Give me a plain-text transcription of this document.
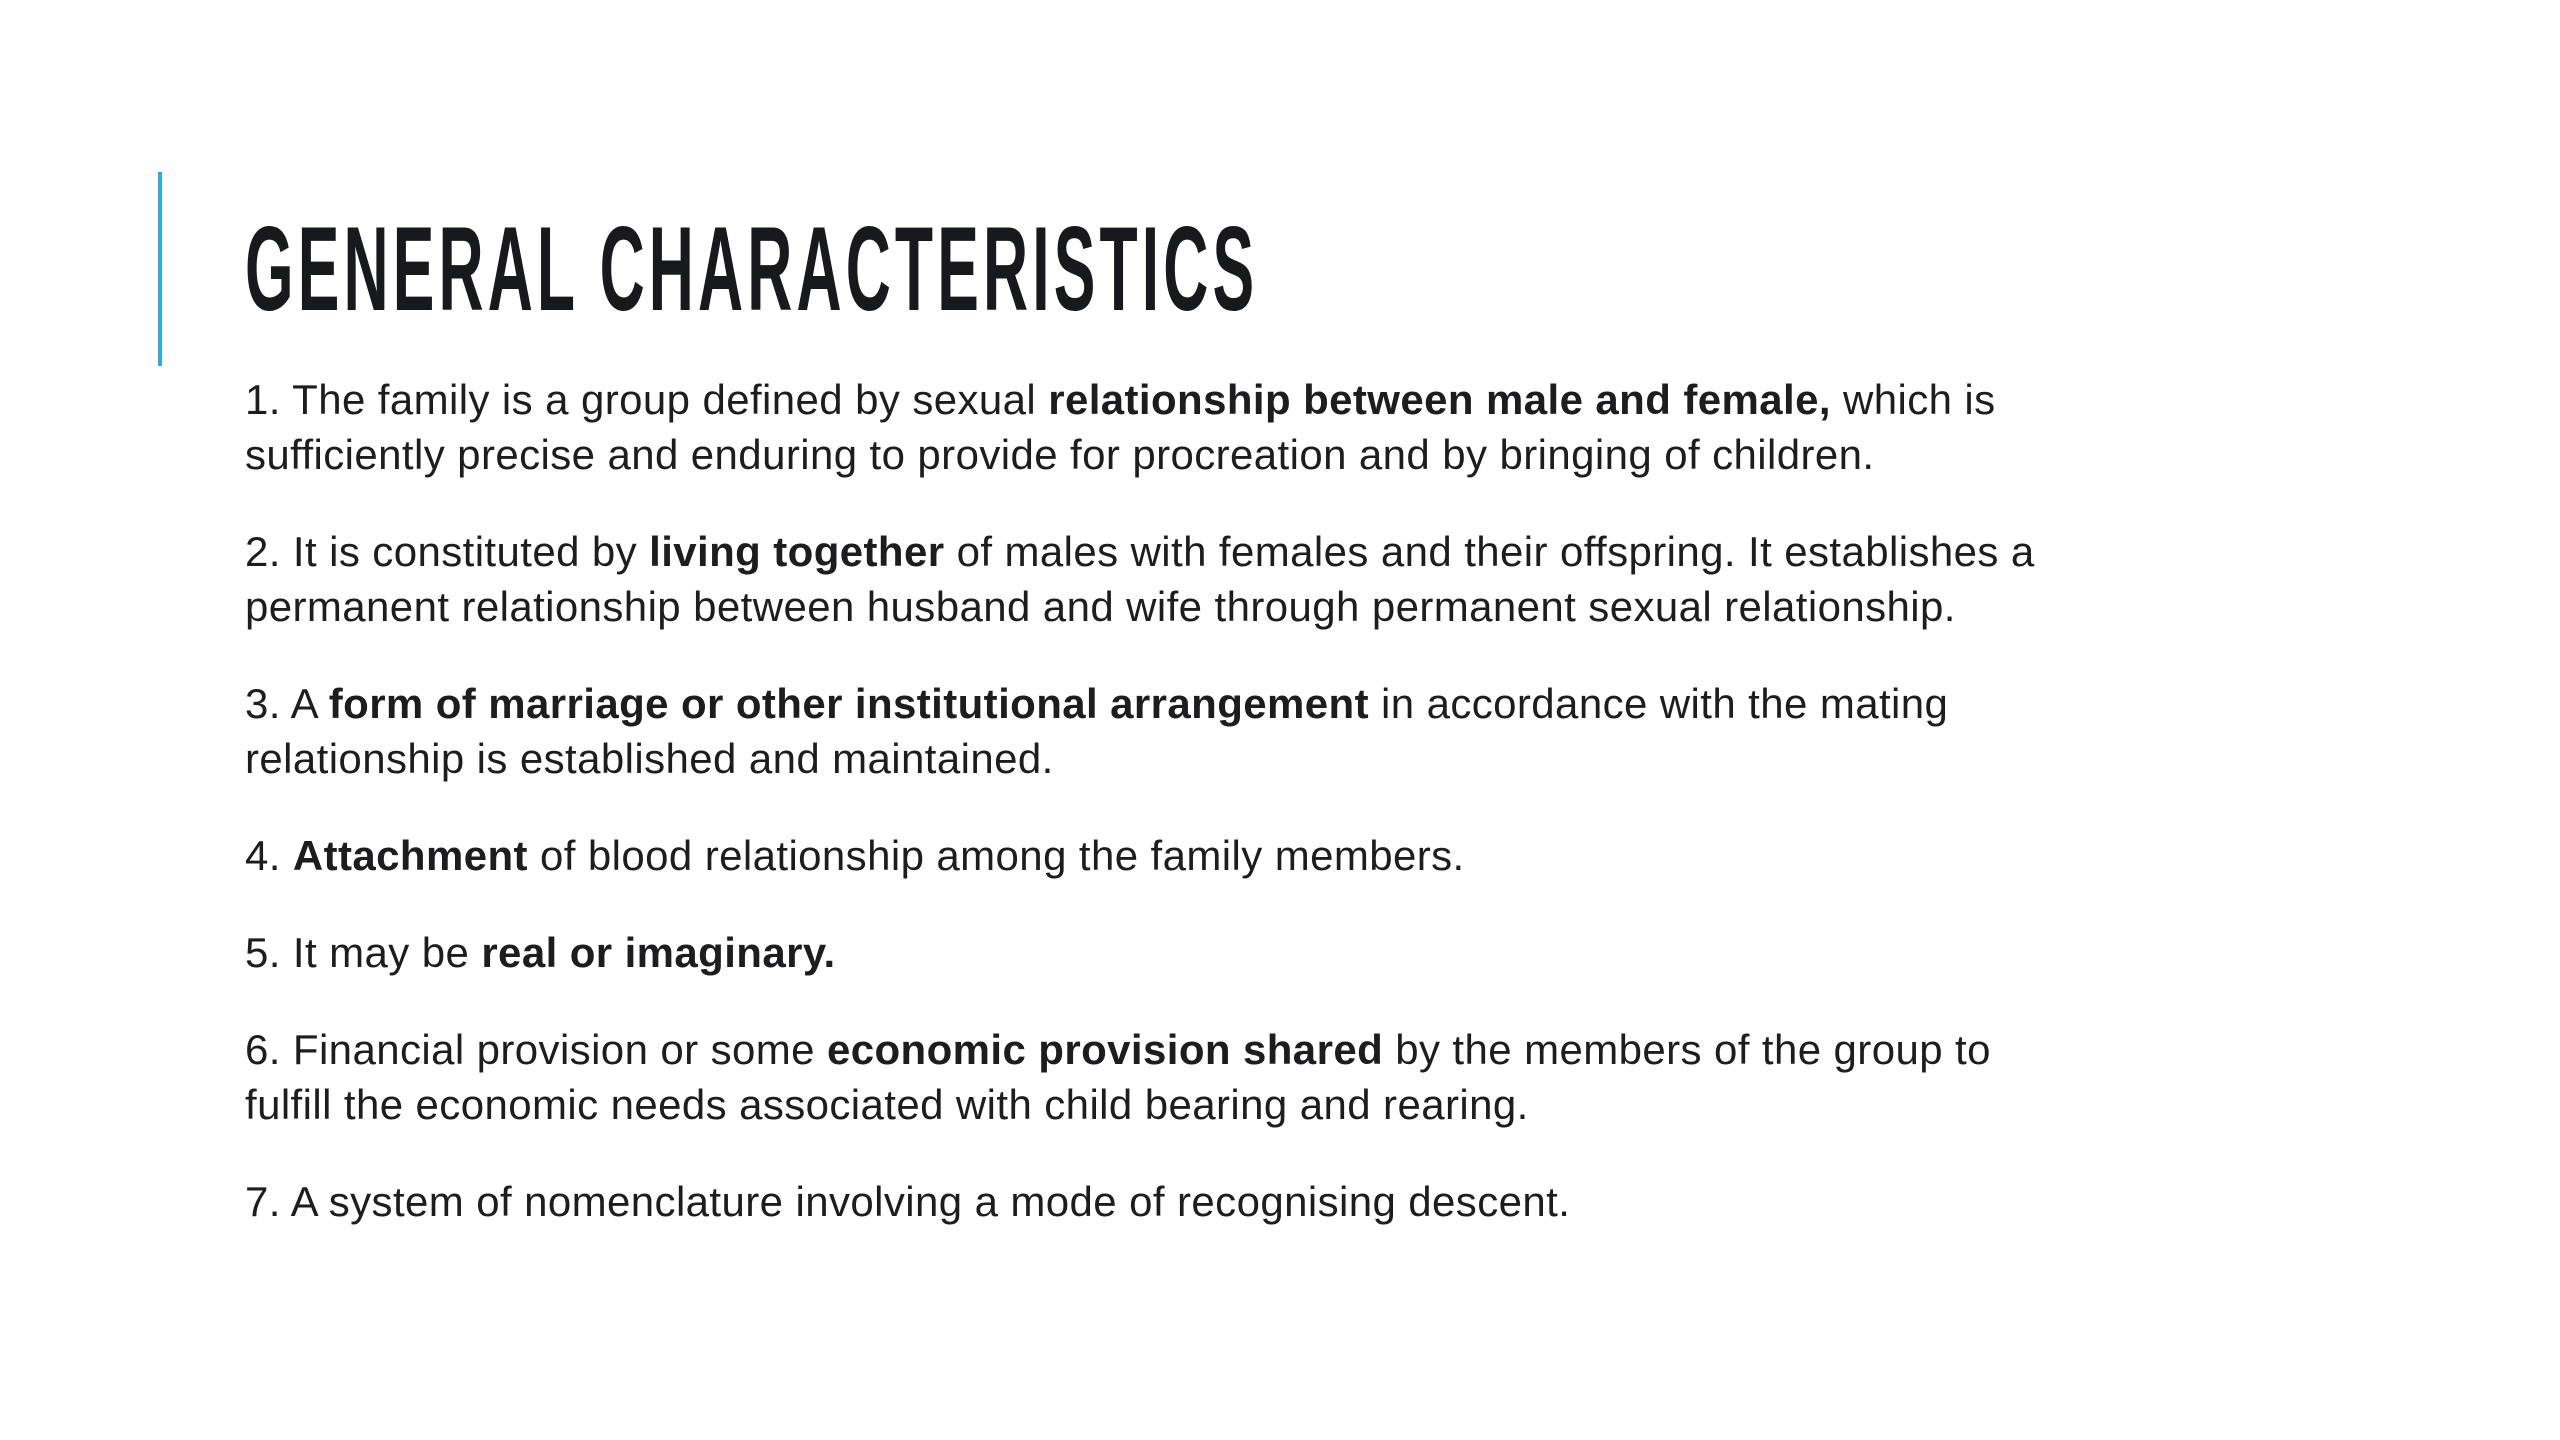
GENERAL CHARACTERISTICS
1. The family is a group defined by sexual relationship between male and female, which is
sufficiently precise and enduring to provide for procreation and by bringing of children.
2. It is constituted by living together of males with females and their offspring. It establishes a
permanent relationship between husband and wife through permanent sexual relationship.
3. A form of marriage or other institutional arrangement in accordance with the mating
relationship is established and maintained.
4. Attachment of blood relationship among the family members.
5. It may be real or imaginary.
6. Financial provision or some economic provision shared by the members of the group to
fulfill the economic needs associated with child bearing and rearing.
7. A system of nomenclature involving a mode of recognising descent.
